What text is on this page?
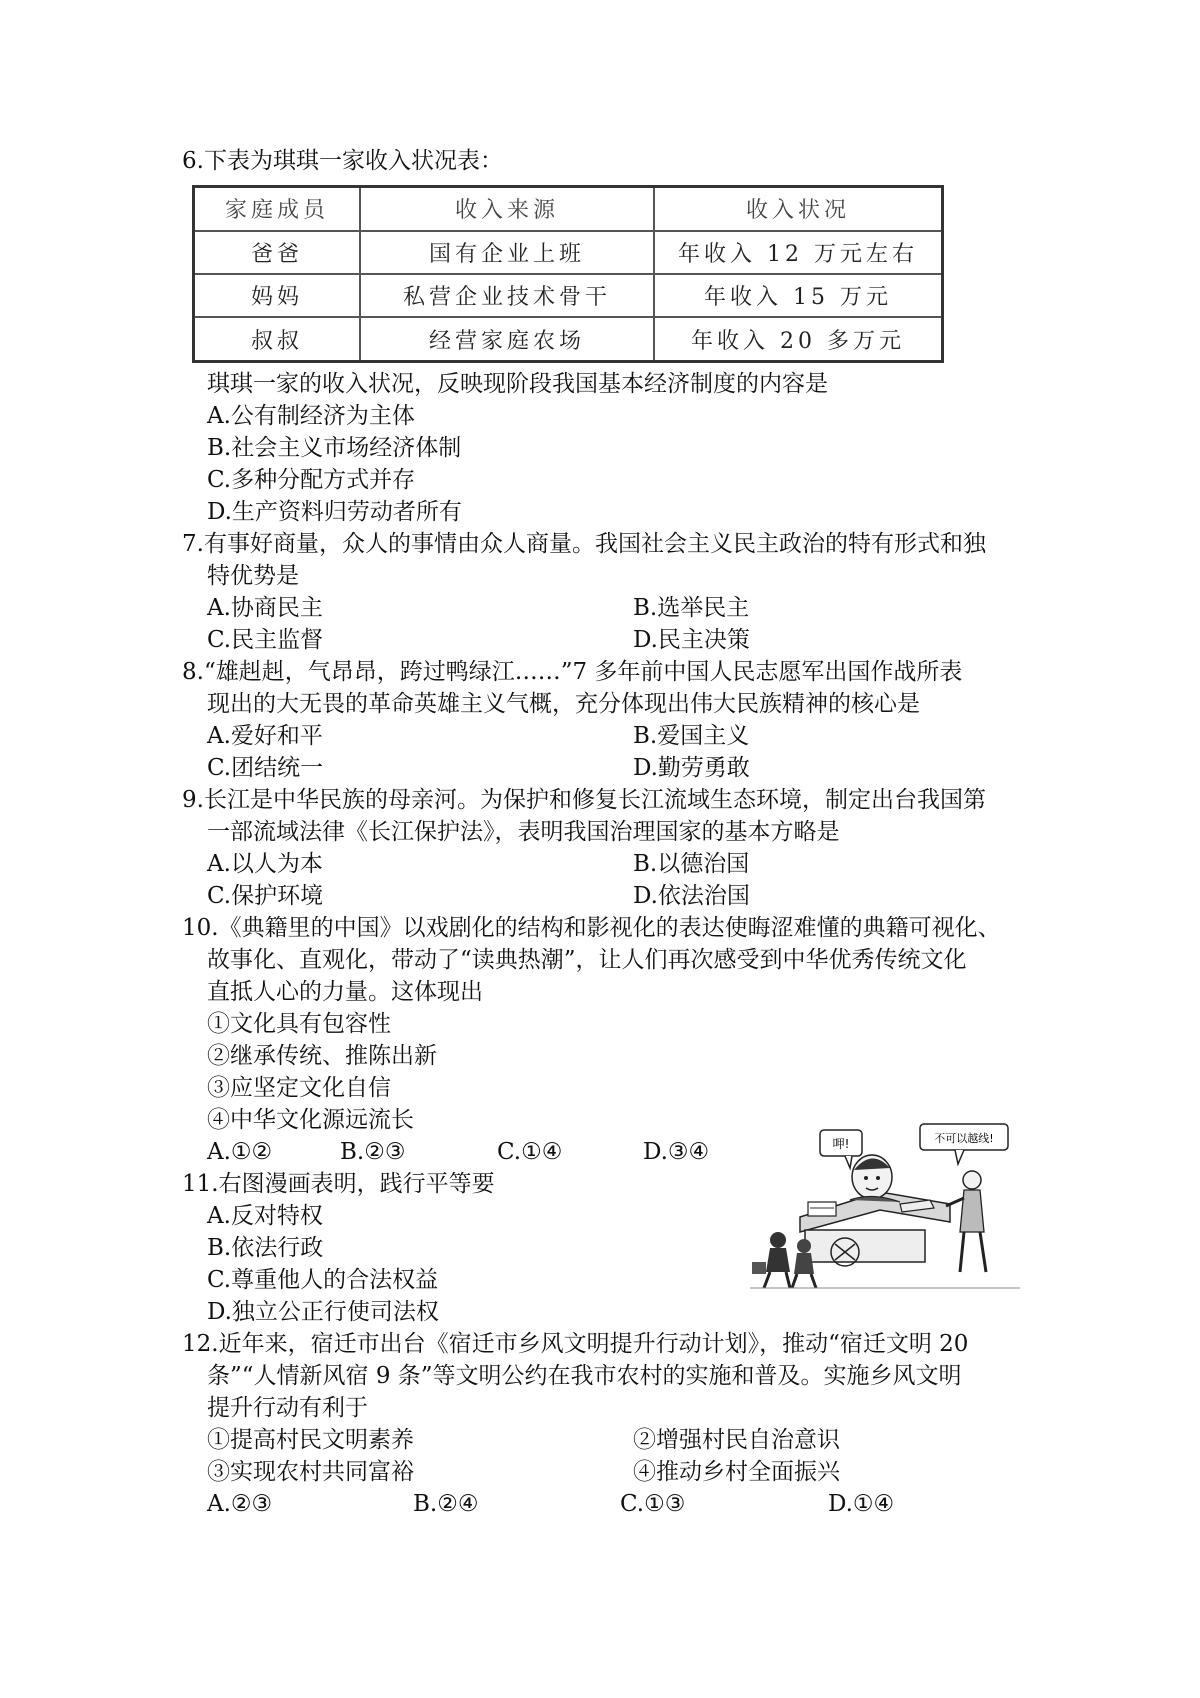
6.下表为琪琪一家收入状况表：
家庭成员	收入来源	收入状况
爸爸	国有企业上班	年收入 12 万元左右
妈妈	私营企业技术骨干	年收入 15 万元
叔叔	经营家庭农场	年收入 20 多万元
琪琪一家的收入状况，反映现阶段我国基本经济制度的内容是
A.公有制经济为主体
B.社会主义市场经济体制
C.多种分配方式并存
D.生产资料归劳动者所有
7.有事好商量，众人的事情由众人商量。我国社会主义民主政治的特有形式和独
特优势是
A.协商民主	B.选举民主
C.民主监督	D.民主决策
8.“雄赳赳，气昂昂，跨过鸭绿江……”7 多年前中国人民志愿军出国作战所表
现出的大无畏的革命英雄主义气概，充分体现出伟大民族精神的核心是
A.爱好和平	B.爱国主义
C.团结统一	D.勤劳勇敢
9.长江是中华民族的母亲河。为保护和修复长江流域生态环境，制定出台我国第
一部流域法律《长江保护法》，表明我国治理国家的基本方略是
A.以人为本	B.以德治国
C.保护环境	D.依法治国
10.《典籍里的中国》以戏剧化的结构和影视化的表达使晦涩难懂的典籍可视化、
故事化、直观化，带动了“读典热潮”，让人们再次感受到中华优秀传统文化
直抵人心的力量。这体现出
①文化具有包容性
②继承传统、推陈出新
③应坚定文化自信
④中华文化源远流长
A.①②	B.②③	C.①④	D.③④
11.右图漫画表明，践行平等要
A.反对特权
B.依法行政
C.尊重他人的合法权益
D.独立公正行使司法权
呷!	不可以越线!
12.近年来，宿迁市出台《宿迁市乡风文明提升行动计划》，推动“宿迁文明 20
条”“人情新风宿 9 条”等文明公约在我市农村的实施和普及。实施乡风文明
提升行动有利于
①提高村民文明素养	②增强村民自治意识
③实现农村共同富裕	④推动乡村全面振兴
A.②③	B.②④	C.①③	D.①④
